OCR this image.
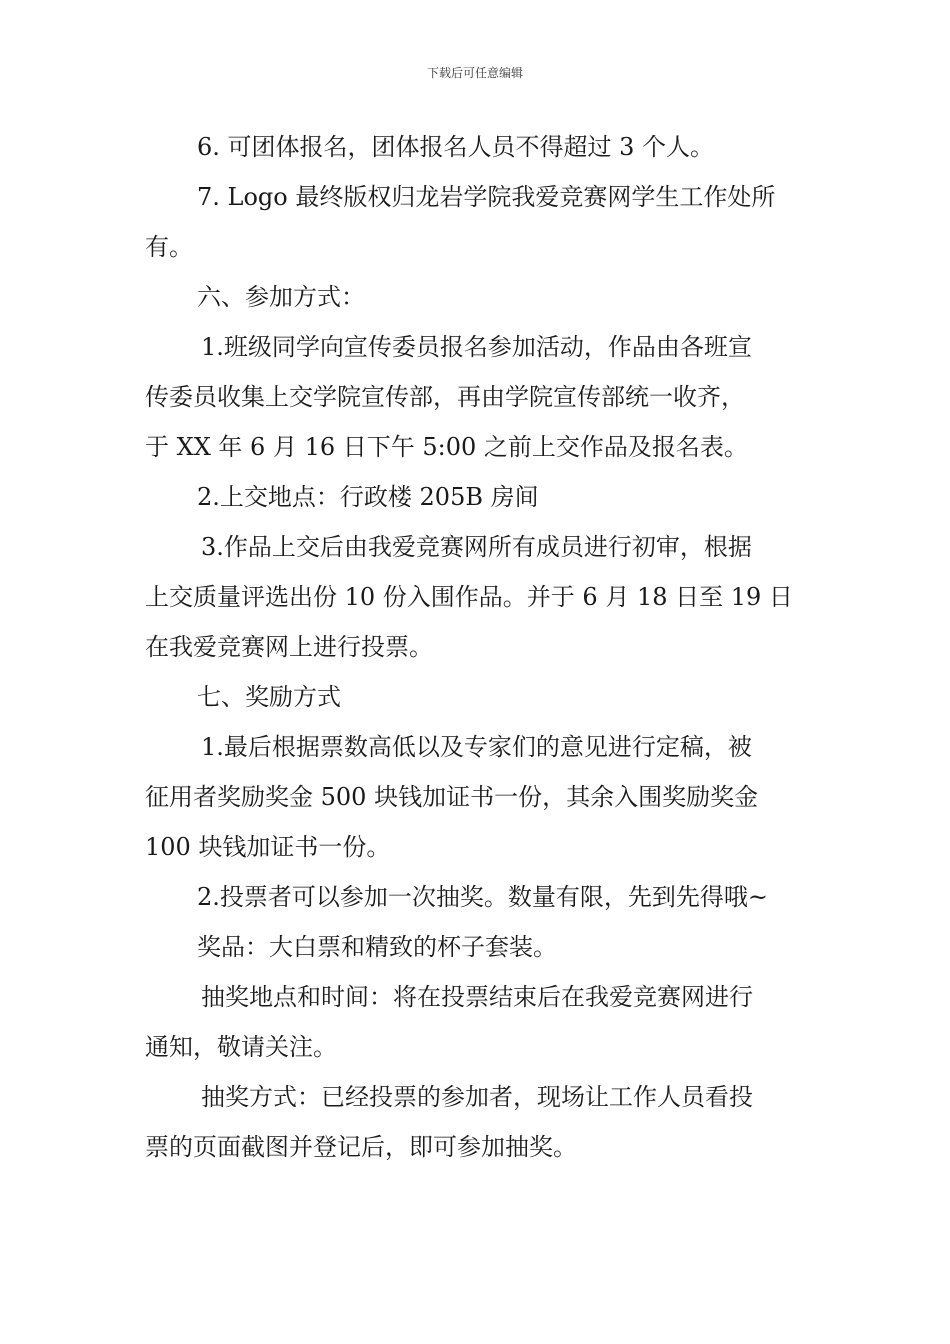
下载后可任意编辑

6. 可团体报名，团体报名人员不得超过 3 个人。

7. Logo 最终版权归龙岩学院我爱竞赛网学生工作处所

有。

六、参加方式：

1.班级同学向宣传委员报名参加活动，作品由各班宣

传委员收集上交学院宣传部，再由学院宣传部统一收齐，

于 XX 年 6 月 16 日下午 5:00 之前上交作品及报名表。

2.上交地点：行政楼 205B 房间

3.作品上交后由我爱竞赛网所有成员进行初审，根据

上交质量评选出份 10 份入围作品。并于 6 月 18 日至 19 日

在我爱竞赛网上进行投票。

七、奖励方式

1.最后根据票数高低以及专家们的意见进行定稿，被

征用者奖励奖金 500 块钱加证书一份，其余入围奖励奖金

100 块钱加证书一份。

2.投票者可以参加一次抽奖。数量有限，先到先得哦~

奖品：大白票和精致的杯子套装。

抽奖地点和时间：将在投票结束后在我爱竞赛网进行

通知，敬请关注。

抽奖方式：已经投票的参加者，现场让工作人员看投

票的页面截图并登记后，即可参加抽奖。
